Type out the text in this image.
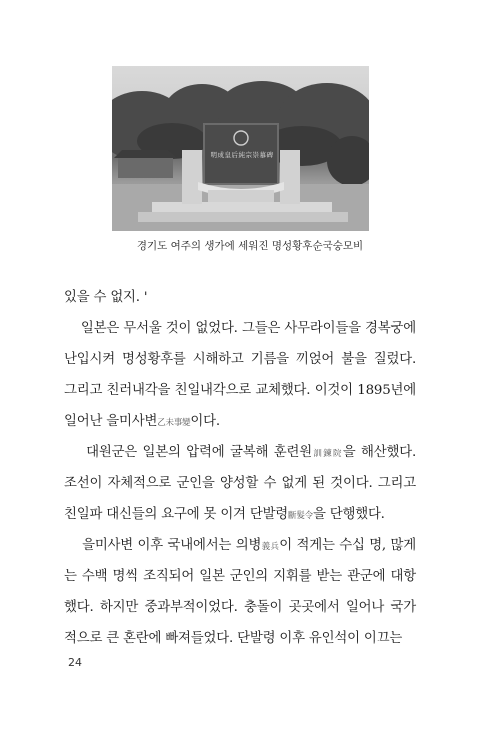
明成皇后純宗崇慕碑
경기도 여주의 생가에 세워진 명성황후순국숭모비
있을 수 없지. '
일본은 무서울 것이 없었다. 그들은 사무라이들을 경복궁에
난입시켜 명성황후를 시해하고 기름을 끼얹어 불을 질렀다.
그리고 친러내각을 친일내각으로 교체했다. 이것이 1895년에
일어난 을미사변乙未事變이다.
대원군은 일본의 압력에 굴복해 훈련원訓鍊院을 해산했다.
조선이 자체적으로 군인을 양성할 수 없게 된 것이다. 그리고
친일파 대신들의 요구에 못 이겨 단발령斷髮令을 단행했다.
을미사변 이후 국내에서는 의병義兵이 적게는 수십 명, 많게
는 수백 명씩 조직되어 일본 군인의 지휘를 받는 관군에 대항
했다. 하지만 중과부적이었다. 충돌이 곳곳에서 일어나 국가
적으로 큰 혼란에 빠져들었다. 단발령 이후 유인석이 이끄는
24
